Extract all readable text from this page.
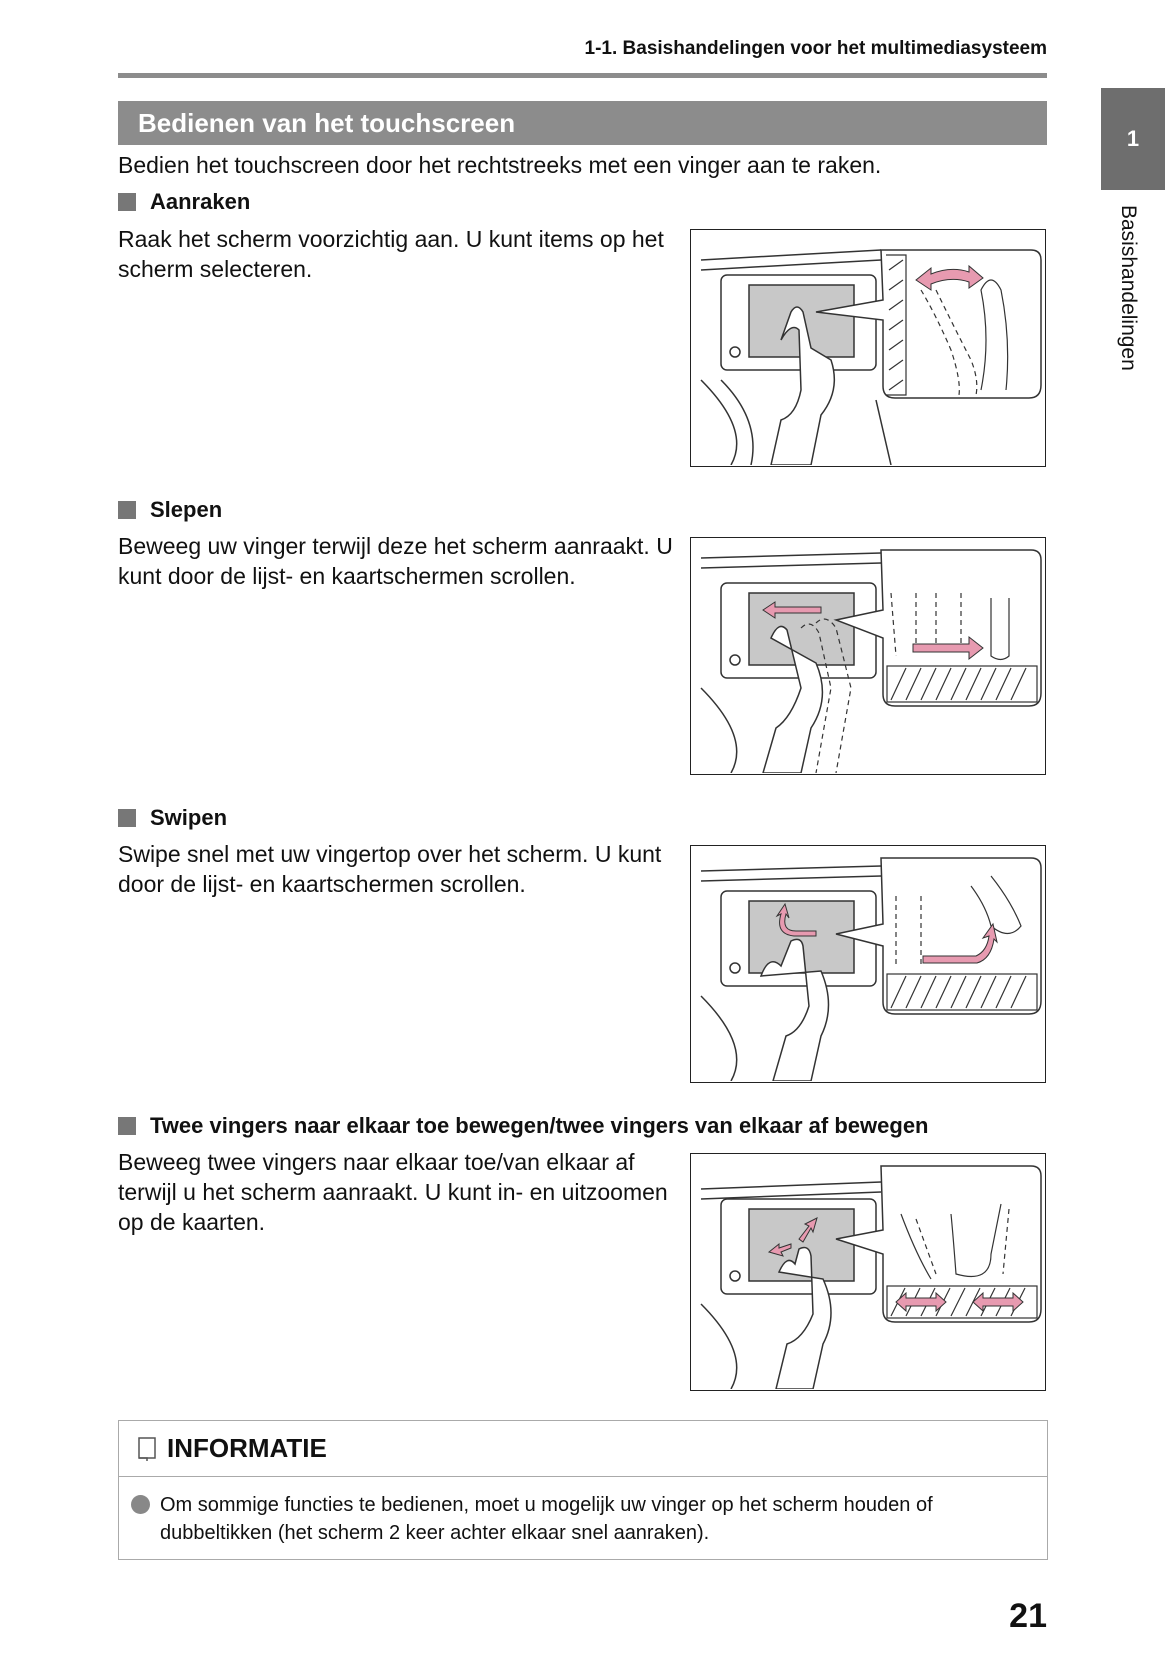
1-1. Basishandelingen voor het multimediasysteem
1
Basishandelingen
Bedienen van het touchscreen
Bedien het touchscreen door het rechtstreeks met een vinger aan te raken.
Aanraken
Raak het scherm voorzichtig aan. U kunt items op het scherm selecteren.
Slepen
Beweeg uw vinger terwijl deze het scherm aanraakt. U kunt door de lijst- en kaartschermen scrollen.
Swipen
Swipe snel met uw vingertop over het scherm. U kunt door de lijst- en kaartschermen scrollen.
Twee vingers naar elkaar toe bewegen/twee vingers van elkaar af bewegen
Beweeg twee vingers naar elkaar toe/van elkaar af terwijl u het scherm aanraakt. U kunt in- en uitzoomen op de kaarten.
INFORMATIE
Om sommige functies te bedienen, moet u mogelijk uw vinger op het scherm houden of dubbeltikken (het scherm 2 keer achter elkaar snel aanraken).
21
